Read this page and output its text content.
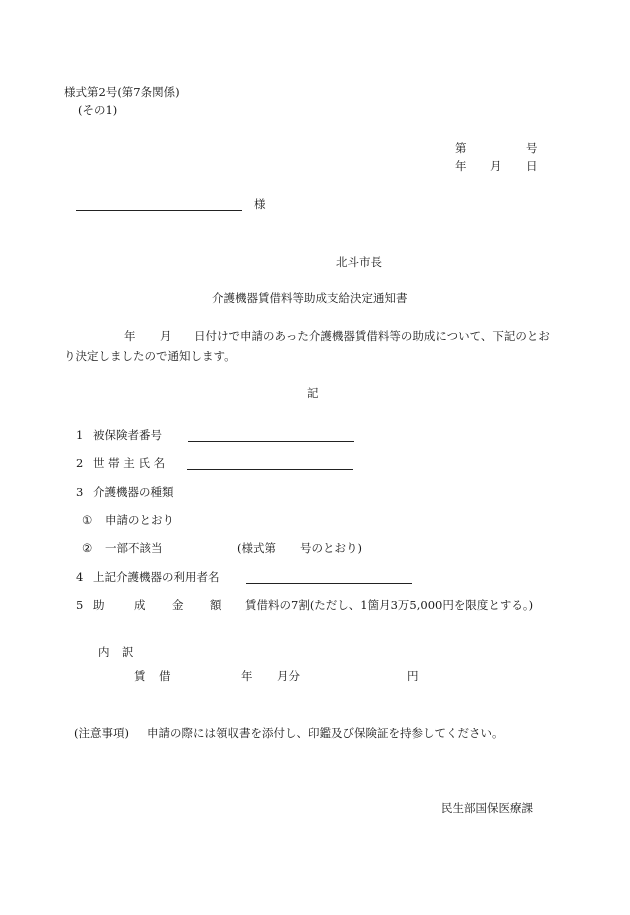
様式第2号(第7条関係)
(その1)
第	号
年 月 日
様
北斗市長
介護機器賃借料等助成支給決定通知書
年 月 日付けで申請のあった介護機器賃借料等の助成について、下記のとお
り決定しましたので通知します。
記
1 被保険者番号
2 世 帯 主 氏 名
3 介護機器の種類
① 申請のとおり
② 一部不該当	(様式第 号のとおり)
4 上記介護機器の利用者名
5 助	成 金 額 賃借料の7割(ただし、1箇月3万5,000円を限度とする。)
内 訳
賃 借	年 月分	円
(注意事項) 申請の際には領収書を添付し、印鑑及び保険証を持参してください。
民生部国保医療課
